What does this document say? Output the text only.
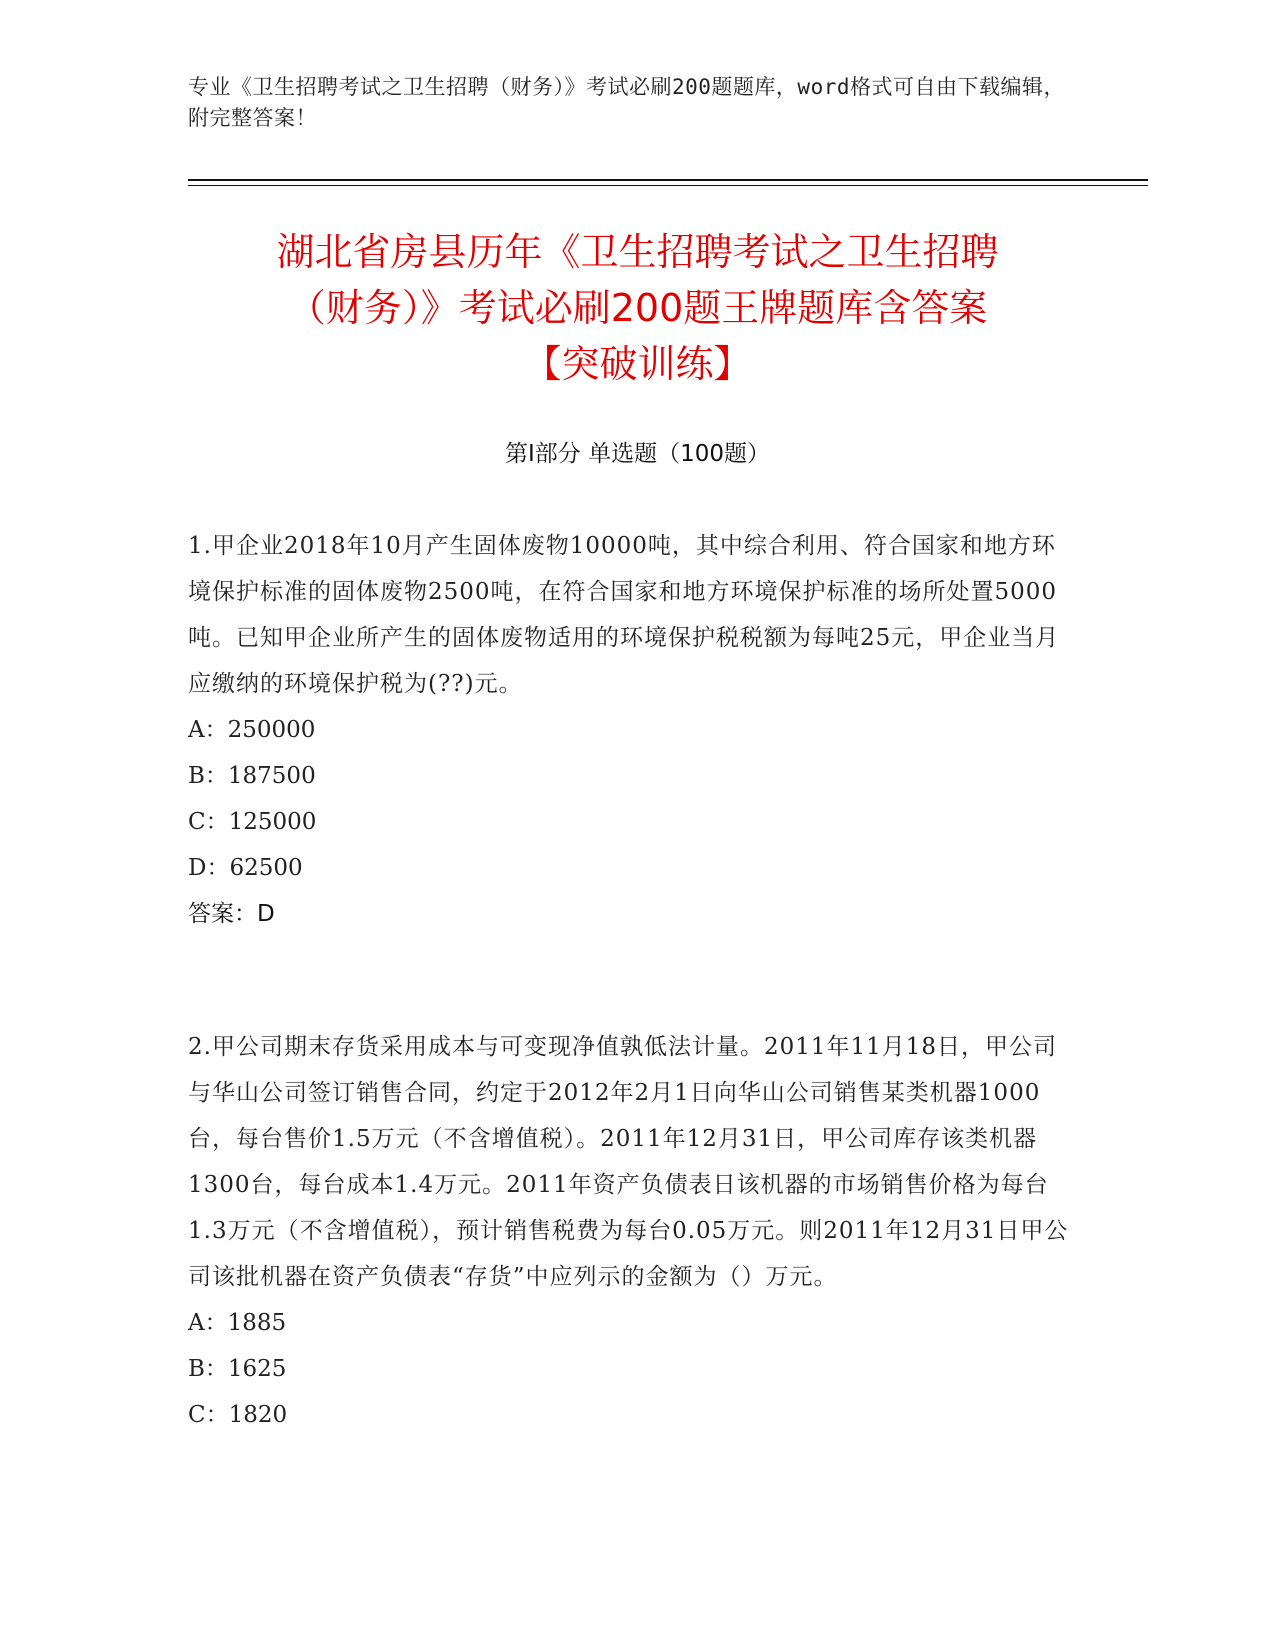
专业《卫生招聘考试之卫生招聘（财务）》考试必刷200题题库，word格式可自由下载编辑，附完整答案！
湖北省房县历年《卫生招聘考试之卫生招聘
（财务）》考试必刷200题王牌题库含答案
【突破训练】
第Ⅰ部分 单选题（100题）
1.甲企业2018年10月产生固体废物10000吨，其中综合利用、符合国家和地方环境保护标准的固体废物2500吨，在符合国家和地方环境保护标准的场所处置5000吨。已知甲企业所产生的固体废物适用的环境保护税税额为每吨25元，甲企业当月应缴纳的环境保护税为(??)元。
A：250000
B：187500
C：125000
D：62500
答案：D
2.甲公司期末存货采用成本与可变现净值孰低法计量。2011年11月18日，甲公司与华山公司签订销售合同，约定于2012年2月1日向华山公司销售某类机器1000台，每台售价1.5万元（不含增值税）。2011年12月31日，甲公司库存该类机器1300台，每台成本1.4万元。2011年资产负债表日该机器的市场销售价格为每台1.3万元（不含增值税），预计销售税费为每台0.05万元。则2011年12月31日甲公司该批机器在资产负债表“存货”中应列示的金额为（）万元。
A：1885
B：1625
C：1820
